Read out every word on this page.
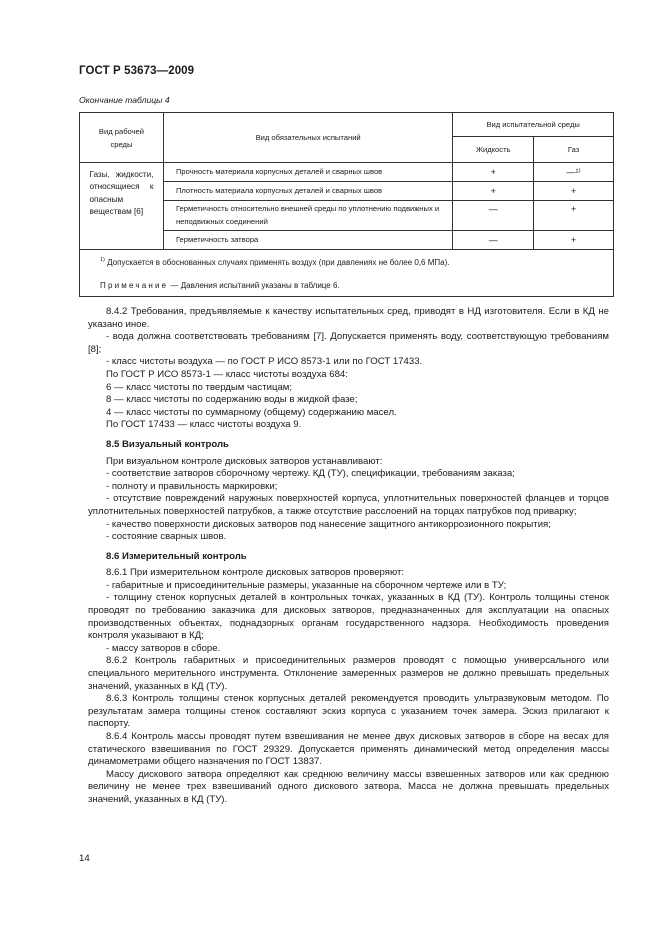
ГОСТ Р 53673—2009
Окончание таблицы 4
Вид рабочей среды	Вид обязательных испытаний	Вид испытательной среды	
		Жидкость	Газ
Газы, жидкости, относящиеся к опасным веществам [6]	Прочность материала корпусных деталей и сварных швов	+	—¹⁾
	Плотность материала корпусных деталей и сварных швов	+	+
	Герметичность относительно внешней среды по уплотнению подвижных и неподвижных соединений	—	+
	Герметичность затвора	—	+

$^{1)}$ Допускается в обоснованных случаях применять воздух (при давлениях не более 0,6 МПа).

Примечание — Давления испытаний указаны в таблице 6.			

8.4.2 Требования, предъявляемые к качеству испытательных сред, приводят в НД изготовителя. Если в КД не указано иное.

- вода должна соответствовать требованиям [7]. Допускается применять воду, соответствующую требованиям [8];

- класс чистоты воздуха — по ГОСТ Р ИСО 8573-1 или по ГОСТ 17433.

По ГОСТ Р ИСО 8573-1 — класс чистоты воздуха 684:

6 — класс чистоты по твердым частицам;

8 — класс чистоты по содержанию воды в жидкой фазе;

4 — класс чистоты по суммарному (общему) содержанию масел.

По ГОСТ 17433 — класс чистоты воздуха 9.

8.5 Визуальный контроль

При визуальном контроле дисковых затворов устанавливают:

- соответствие затворов сборочному чертежу. КД (ТУ), спецификации, требованиям заказа;

- полноту и правильность маркировки;

- отсутствие повреждений наружных поверхностей корпуса, уплотнительных поверхностей фланцев и торцов уплотнительных поверхностей патрубков, а также отсутствие расслоений на торцах патрубков под приварку;

- качество поверхности дисковых затворов под нанесение защитного антикоррозионного покрытия;

- состояние сварных швов.

8.6 Измерительный контроль

8.6.1 При измерительном контроле дисковых затворов проверяют:

- габаритные и присоединительные размеры, указанные на сборочном чертеже или в ТУ;

- толщину стенок корпусных деталей в контрольных точках, указанных в КД (ТУ). Контроль толщины стенок проводят по требованию заказчика для дисковых затворов, предназначенных для эксплуатации на опасных производственных объектах, поднадзорных органам государственного надзора. Необходимость проведения контроля указывают в КД;

- массу затворов в сборе.

8.6.2 Контроль габаритных и присоединительных размеров проводят с помощью универсального или специального мерительного инструмента. Отклонение замеренных размеров не должно превышать предельных значений, указанных в КД (ТУ).

8.6.3 Контроль толщины стенок корпусных деталей рекомендуется проводить ультразвуковым методом. По результатам замера толщины стенок составляют эскиз корпуса с указанием точек замера. Эскиз прилагают к паспорту.

8.6.4 Контроль массы проводят путем взвешивания не менее двух дисковых затворов в сборе на весах для статического взвешивания по ГОСТ 29329. Допускается применять динамический метод определения массы динамометрами общего назначения по ГОСТ 13837.

Массу дискового затвора определяют как среднюю величину массы взвешенных затворов или как среднюю величину не менее трех взвешиваний одного дискового затвора. Масса не должна превышать предельных значений, указанных в КД (ТУ).

14
